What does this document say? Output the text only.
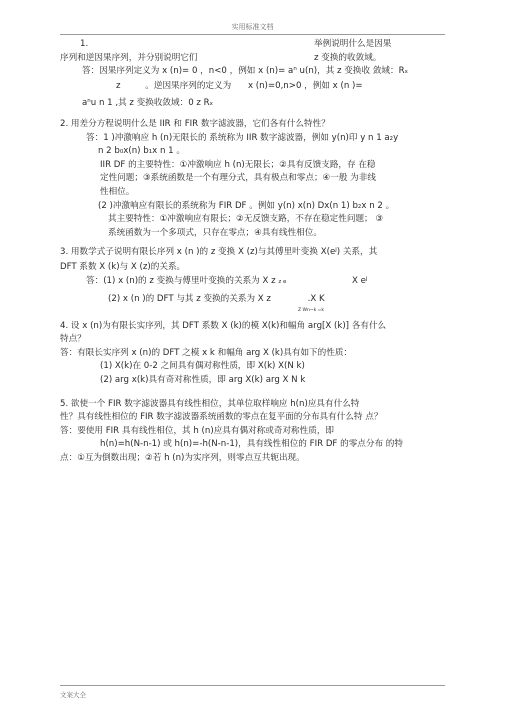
实用标准文档
1.	举例说明什么是因果
序列和逆因果序列，并分别说明它们	z 变换的收敛域。
答：因果序列定义为 x (n)= 0 ，n<0 ，例如 x $(n)= a^n$ u(n)，其 z 变换收 敛域：Rx
z	。逆因果序列的定义为 x (n)=0,n>0 ，例如 x (n )=
$a^nu$ n 1 ,其 z 变换收敛域：0 z Rx
2. 用差分方程说明什么是 IIR 和 FIR 数字滤波器，它们各有什么特性？
答：1 )冲激响应 h (n)无限长的 系统称为 IIR 数字滤波器，例如 y(n)印 y n 1 a₂y
n 2 b₀x(n) b₁x n 1 。
IIR DF 的主要特性：①冲激响应 h (n)无限长；②具有反馈支路，存 在稳
定性问题；③系统函数是一个有理分式，具有极点和零点；④一般 为非线
性相位。
(2 )冲激响应有限长的系统称为 FIR DF 。例如 y(n) x(n) Dx(n 1) b₂x n 2 。
其主要特性：①冲激响应有限长；②无反馈支路，不存在稳定性问题； ③
系统函数为一个多项式，只存在零点；④具有线性相位。
3. 用数学式子说明有限长序列 x (n )的 z 变换 X (z)与其傅里叶变换 $X(e^j)$ 关系，其
DFT 系数 X (k)与 X (z)的关系。
答：(1) x (n)的 z 变换与傅里叶变换的关系为 X z z e	X $e^j$
(2) x (n )的 DFT 与其 z 变换的关系为 X z	.X K
Z Wn~k =k
4. 设 x (n)为有限长实序列，其 DFT 系数 X (k)的模 X(k)和幅角 arg[X (k)] 各有什么
特点？
答：有限长实序列 x (n)的 DFT 之模 x k 和幅角 arg X (k)具有如下的性质：
(1) X(k)在 0-2 之间具有偶对称性质，即 X(k) X(N k)
(2) arg x(k)具有奇对称性质，即 arg X(k) arg X N k
5. 欲使一个 FIR 数字滤波器具有线性相位，其单位取样响应 h(n)应具有什么特
性？具有线性相位的 FIR 数字滤波器系统函数的零点在复平面的分布具有什么特 点？
答：要使用 FIR 具有线性相位，其 h (n)应具有偶对称或奇对称性质，即
h(n)=h(N-n-1) 或 h(n)=-h(N-n-1)，具有线性相位的 FIR DF 的零点分布 的特
点：①互为倒数出现；②若 h (n)为实序列，则零点互共轭出现。
文案大全
